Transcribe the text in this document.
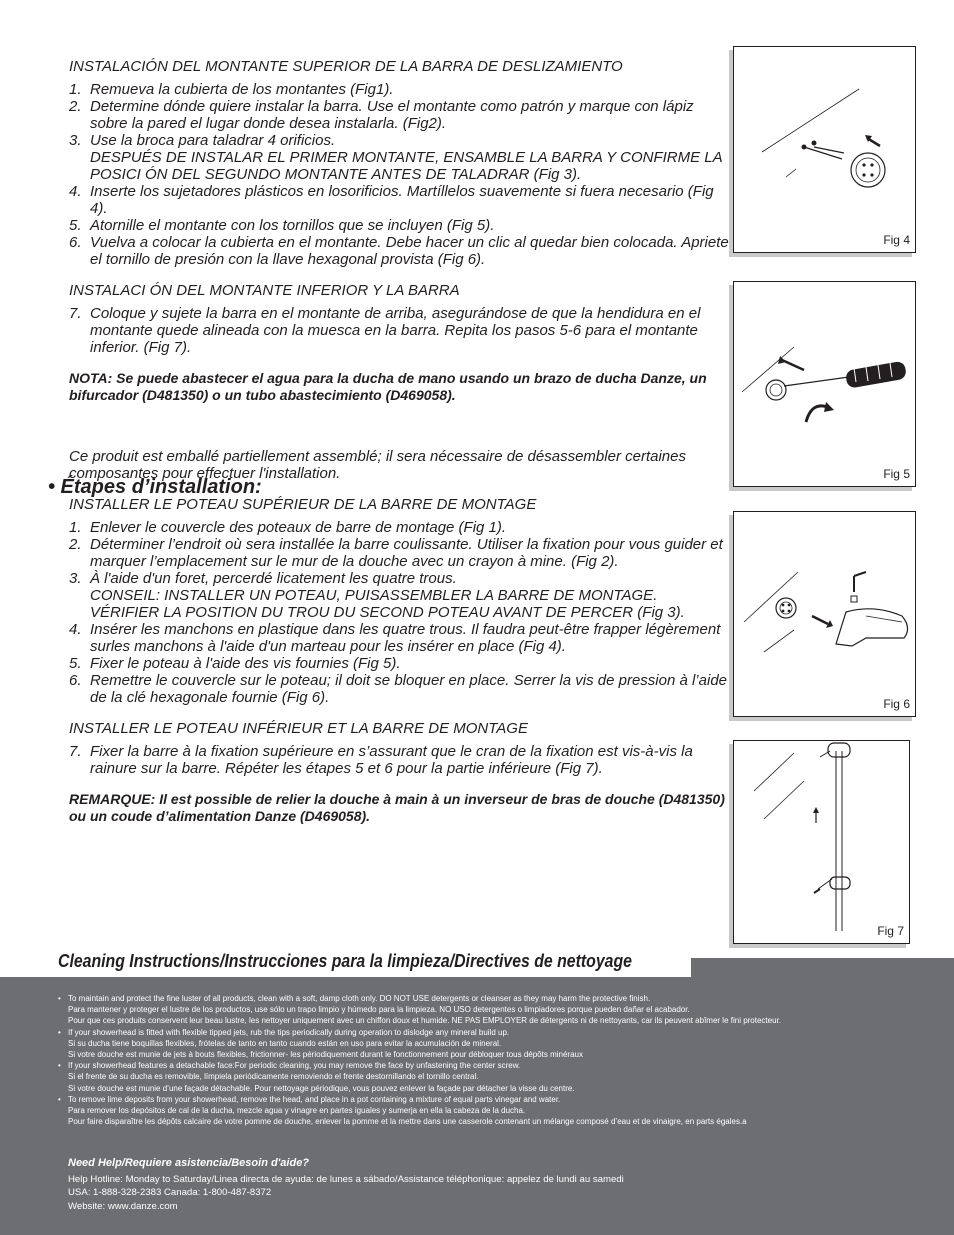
INSTALACIÓN DEL MONTANTE SUPERIOR DE LA BARRA DE DESLIZAMIENTO

1. Remueva la cubierta de los montantes (Fig1).
2. Determine dónde quiere instalar la barra. Use el montante como patrón y marque con lápiz sobre la pared el lugar donde desea instalarla. (Fig2).
3. Use la broca para taladrar 4 orificios.
DESPUÉS DE INSTALAR EL PRIMER MONTANTE, ENSAMBLE LA BARRA Y CONFIRME LA POSICI ÓN DEL SEGUNDO MONTANTE ANTES DE TALADRAR (Fig 3).
4. Inserte los sujetadores plásticos en losorificios. Martíllelos suavemente si fuera necesario (Fig 4).
5. Atornille el montante con los tornillos que se incluyen (Fig 5).
6. Vuelva a colocar la cubierta en el montante. Debe hacer un clic al quedar bien colocada. Apriete el tornillo de presión con la llave hexagonal provista (Fig 6).

INSTALACI ÓN DEL MONTANTE INFERIOR Y LA BARRA

7. Coloque y sujete la barra en el montante de arriba, asegurándose de que la hendidura en el montante quede alineada con la muesca en la barra. Repita los pasos 5-6 para el montante inferior. (Fig 7).

NOTA: Se puede abastecer el agua para la ducha de mano usando un brazo de ducha Danze, un bifurcador (D481350) o un tubo abastecimiento (D469058).

Ce produit est emballé partiellement assemblé; il sera nécessaire de désassembler certaines composantes pour effectuer l'installation.

INSTALLER LE POTEAU SUPÉRIEUR DE LA BARRE DE MONTAGE

1. Enlever le couvercle des poteaux de barre de montage (Fig 1).
2. Déterminer l’endroit où sera installée la barre coulissante. Utiliser la fixation pour vous guider et marquer l’emplacement sur le mur de la douche avec un crayon à mine. (Fig 2).
3. À l'aide d'un foret, percerdé licatement les quatre trous.
CONSEIL: INSTALLER UN POTEAU, PUISASSEMBLER LA BARRE DE MONTAGE. VÉRIFIER LA POSITION DU TROU DU SECOND POTEAU AVANT DE PERCER (Fig 3).
4. Insérer les manchons en plastique dans les quatre trous. Il faudra peut-être frapper légèrement surles manchons à l'aide d'un marteau pour les insérer en place (Fig 4).
5. Fixer le poteau à l'aide des vis fournies (Fig 5).
6. Remettre le couvercle sur le poteau; il doit se bloquer en place. Serrer la vis de pression à l’aide de la clé hexagonale fournie (Fig 6).

INSTALLER LE POTEAU INFÉRIEUR ET LA BARRE DE MONTAGE

7. Fixer la barre à la fixation supérieure en s’assurant que le cran de la fixation est vis-à-vis la rainure sur la barre. Répéter les étapes 5 et 6 pour la partie inférieure (Fig 7).

REMARQUE: Il est possible de relier la douche à main à un inverseur de bras de douche (D481350) ou un coude d’alimentation Danze (D469058).

• Étapes d’installation:
Fig 4
Fig 5
Fig 6
Fig 7
Cleaning Instructions/Instrucciones para la limpieza/Directives de nettoyage
• To maintain and protect the fine luster of all products, clean with a soft, damp cloth only. DO NOT USE detergents or cleanser as they may harm the protective finish.
Para mantener y proteger el lustre de los productos, use sólo un trapo limpio y húmedo para la limpieza. NO USO detergentes o limpiadores porque pueden dañar el acabador.
Pour que ces produits conservent leur beau lustre, les nettoyer uniquement avec un chiffon doux et humide. NE PAS EMPLOYER de détergents ni de nettoyants, car ils peuvent abîmer le fini protecteur.
• If your showerhead is fitted with flexible tipped jets, rub the tips periodically during operation to dislodge any mineral build up.
Si su ducha tiene boquillas flexibles, frótelas de tanto en tanto cuando están en uso para evitar la acumulación de mineral.
Si votre douche est munie de jets à bouts flexibles, frictionner- les périodiquement durant le fonctionnement pour débloquer tous dépôts minéraux
• If your showerhead features a detachable face:For periodic cleaning, you may remove the face by unfastening the center screw.
Si el frente de su ducha es removible, límpiela periódicamente removiendo el frente destornillando el tornillo central.
Si votre douche est munie d’une façade détachable. Pour nettoyage périodique, vous pouvez enlever la façade par détacher la visse du centre.
• To remove lime deposits from your showerhead, remove the head, and place in a pot containing a mixture of equal parts vinegar and water.
Para remover los depósitos de cal de la ducha, mezcle agua y vinagre en partes iguales y sumerja en ella la cabeza de la ducha.
Pour faire disparaître les dépôts calcaire de votre pomme de douche, enlever la pomme et la mettre dans une casserole contenant un mélange composé d’eau et de vinaigre, en parts égales.a
Need Help/Requiere asistencia/Besoin d'aide?
Help Hotline: Monday to Saturday/Linea directa de ayuda: de lunes a sábado/Assistance téléphonique: appelez de lundi au samedi
USA: 1-888-328-2383 Canada: 1-800-487-8372
Website: www.danze.com
